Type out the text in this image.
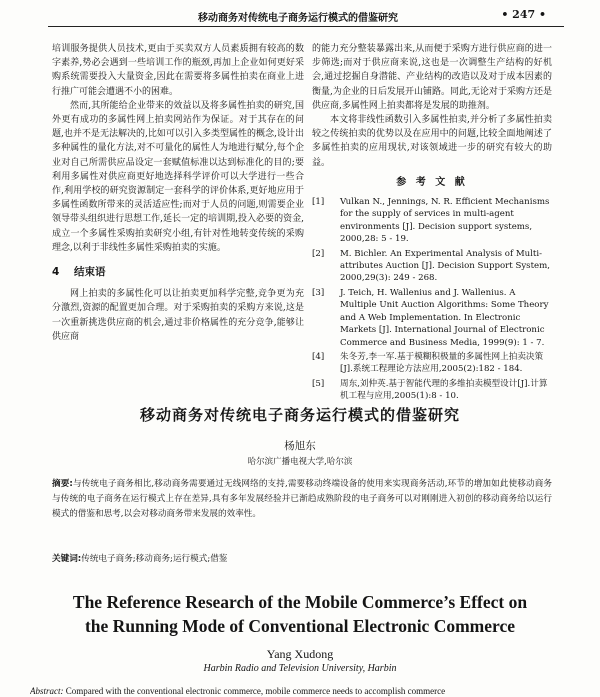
移动商务对传统电子商务运行模式的借鉴研究	• 247 •

培训服务提供人员技术,更由于买卖双方人员素质拥有较高的数字素养,势必会遇到一些培训工作的瓶颈,再加上企业如何更好采购系统需要投入大量资金,因此在需要将多属性拍卖在商业上进行推广可能会遭遇不小的困难。

然而,其所能给企业带来的效益以及将多属性拍卖的研究,国外更有成功的多属性网上拍卖网站作为保证。对于其存在的问题,也并不是无法解决的,比如可以引入多类型属性的概念,设计出多种属性的量化方法,对不可量化的属性人为地进行赋分,每个企业对自己所需供应品设定一套赋值标准以达到标准化的目的;要利用多属性对供应商更好地选择科学评价可以大学进行一些合作,利用学校的研究资源制定一套科学的评价体系,更好地应用于多属性函数所带来的灵活适应性;而对于人员的问题,则需要企业领导带头组织进行思想工作,延长一定的培训期,投入必要的资金,成立一个多属性采购拍卖研究小组,有针对性地转变传统的采购理念,以利于非线性多属性采购拍卖的实施。

4 结束语

网上拍卖的多属性化可以让拍卖更加科学完整,竞争更为充分激烈,资源的配置更加合理。对于采购拍卖的采购方来说,这是一次重新挑选供应商的机会,通过非价格属性的充分竞争,能够让供应商

的能力充分整装暴露出来,从而便于采购方进行供应商的进一步筛选;而对于供应商来说,这也是一次调整生产结构的好机会,通过挖掘自身潜能、产业结构的改造以及对于成本因素的衡量,为企业的日后发展开山铺路。同此,无论对于采购方还是供应商,多属性网上拍卖都将是发展的助推剂。

本文将非线性函数引入多属性拍卖,并分析了多属性拍卖较之传统拍卖的优势以及在应用中的问题,比较全面地阐述了多属性拍卖的应用现状,对该领域进一步的研究有较大的助益。

参 考 文 献
[1]	Vulkan N., Jennings, N. R. Efficient Mechanisms for the supply of services in multi-agent environments [J]. Decision support systems, 2000,28: 5 - 19.
[2]	M. Bichler. An Experimental Analysis of Multi-attributes Auction [J]. Decision Support System, 2000,29(3): 249 - 268.
[3]	J. Teich, H. Wallenius and J. Wallenius. A Multiple Unit Auction Algorithms: Some Theory and A Web Implementation. In Electronic Markets [J]. International Journal of Electronic Commerce and Business Media, 1999(9): 1 - 7.
[4]	朱冬芳,李一军.基于模糊积极量的多属性网上拍卖决策[J].系统工程理论方法应用,2005(2):182 - 184.
[5]	周东,刘仲英.基于智能代理的多维拍卖模型设计[J].计算机工程与应用,2005(1):8 - 10.
移动商务对传统电子商务运行模式的借鉴研究
杨旭东
哈尔滨广播电视大学,哈尔滨
摘要:与传统电子商务相比,移动商务需要通过无线网络的支持,需要移动终端设备的使用来实现商务活动,环节的增加如此使移动商务与传统的电子商务在运行模式上存在差异,具有多年发展经验并已渐趋成熟阶段的电子商务可以对刚刚进入初创的移动商务给以运行模式的借鉴和思考,以会对移动商务带来发展的效率性。
关键词:传统电子商务;移动商务;运行模式;借鉴
The Reference Research of the Mobile Commerce’s Effect on
the Running Mode of Conventional Electronic Commerce
Yang Xudong
Harbin Radio and Television University, Harbin
Abstract: Compared with the conventional electronic commerce, mobile commerce needs to accomplish commerce
